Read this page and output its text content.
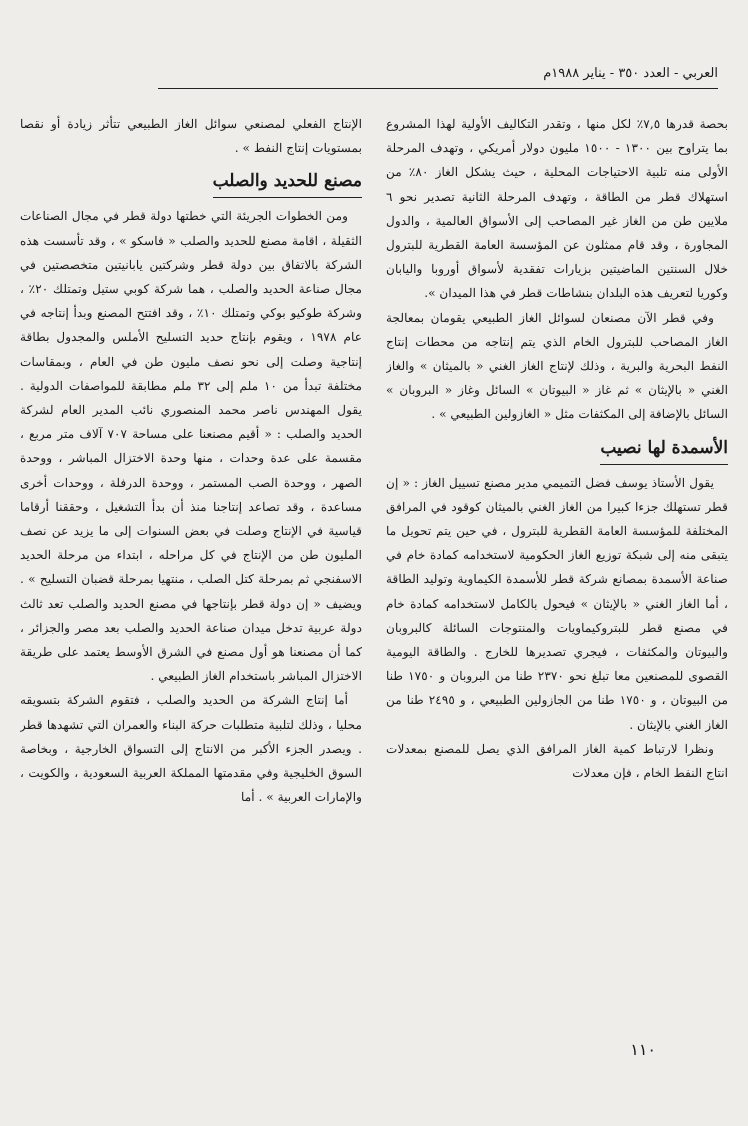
العربي - العدد ٣٥٠ - يناير ١٩٨٨م

بحصة قدرها ٧,٥٪ لكل منها ، وتقدر التكاليف الأولية لهذا المشروع بما يتراوح بين ١٣٠٠ - ١٥٠٠ مليون دولار أمريكي ، وتهدف المرحلة الأولى منه تلبية الاحتياجات المحلية ، حيث يشكل الغاز ٨٠٪ من استهلاك قطر من الطاقة ، وتهدف المرحلة الثانية تصدير نحو ٦ ملايين طن من الغاز غير المصاحب إلى الأسواق العالمية ، والدول المجاورة ، وقد قام ممثلون عن المؤسسة العامة القطرية للبترول خلال السنتين الماضيتين بزيارات تفقدية لأسواق أوروبا واليابان وكوريا لتعريف هذه البلدان بنشاطات قطر في هذا الميدان ».

وفي قطر الآن مصنعان لسوائل الغاز الطبيعي يقومان بمعالجة الغاز المصاحب للبترول الخام الذي يتم إنتاجه من محطات إنتاج النفط البحرية والبرية ، وذلك لإنتاج الغاز الغني « بالميثان » والغاز الغني « بالإيثان » ثم غاز « البيوتان » السائل وغاز « البروبان » السائل بالإضافة إلى المكثفات مثل « الغازولين الطبيعي » .

الأسمدة لها نصيب

يقول الأستاذ يوسف فضل التميمي مدير مصنع تسييل الغاز : « إن قطر تستهلك جزءا كبيرا من الغاز الغني بالميثان كوقود في المرافق المختلفة للمؤسسة العامة القطرية للبترول ، في حين يتم تحويل ما يتبقى منه إلى شبكة توزيع الغاز الحكومية لاستخدامه كمادة خام في صناعة الأسمدة بمصانع شركة قطر للأسمدة الكيماوية وتوليد الطاقة ، أما الغاز الغني « بالإيثان » فيحول بالكامل لاستخدامه كمادة خام في مصنع قطر للبتروكيماويات والمنتوجات السائلة كالبروبان والبيوتان والمكثفات ، فيجري تصديرها للخارج . والطاقة اليومية القصوى للمصنعين معا تبلغ نحو ٢٣٧٠ طنا من البروبان و ١٧٥٠ طنا من البيوتان ، و ١٧٥٠ طنا من الجازولين الطبيعي ، و ٢٤٩٥ طنا من الغاز الغني بالإيثان .

ونظرا لارتباط كمية الغاز المرافق الذي يصل للمصنع بمعدلات انتاج النفط الخام ، فإن معدلات

الإنتاج الفعلي لمصنعي سوائل الغاز الطبيعي تتأثر زيادة أو نقصا بمستويات إنتاج النفط » .

مصنع للحديد والصلب

ومن الخطوات الجريئة التي خطتها دولة قطر في مجال الصناعات الثقيلة ، اقامة مصنع للحديد والصلب « فاسكو » ، وقد تأسست هذه الشركة بالاتفاق بين دولة قطر وشركتين يابانيتين متخصصتين في مجال صناعة الحديد والصلب ، هما شركة كوبي ستيل وتمتلك ٢٠٪ ، وشركة طوكيو بوكي وتمتلك ١٠٪ ، وقد افتتح المصنع وبدأ إنتاجه في عام ١٩٧٨ ، ويقوم بإنتاج حديد التسليح الأملس والمجدول بطاقة إنتاجية وصلت إلى نحو نصف مليون طن في العام ، وبمقاسات مختلفة تبدأ من ١٠ ملم إلى ٣٢ ملم مطابقة للمواصفات الدولية . يقول المهندس ناصر محمد المنصوري نائب المدير العام لشركة الحديد والصلب : « أقيم مصنعنا على مساحة ٧٠٧ آلاف متر مربع ، مقسمة على عدة وحدات ، منها وحدة الاختزال المباشر ، ووحدة الصهر ، ووحدة الصب المستمر ، ووحدة الدرفلة ، ووحدات أخرى مساعدة ، وقد تصاعد إنتاجنا منذ أن بدأ التشغيل ، وحققنا أرقاما قياسية في الإنتاج وصلت في بعض السنوات إلى ما يزيد عن نصف المليون طن من الإنتاج في كل مراحله ، ابتداء من مرحلة الحديد الاسفنجي ثم بمرحلة كتل الصلب ، منتهيا بمرحلة قضبان التسليح » . ويضيف « إن دولة قطر بإنتاجها في مصنع الحديد والصلب تعد ثالث دولة عربية تدخل ميدان صناعة الحديد والصلب بعد مصر والجزائر ، كما أن مصنعنا هو أول مصنع في الشرق الأوسط يعتمد على طريقة الاختزال المباشر باستخدام الغاز الطبيعي .

أما إنتاج الشركة من الحديد والصلب ، فتقوم الشركة بتسويقه محليا ، وذلك لتلبية متطلبات حركة البناء والعمران التي تشهدها قطر . ويصدر الجزء الأكبر من الانتاج إلى التسواق الخارجية ، وبخاصة السوق الخليجية وفي مقدمتها المملكة العربية السعودية ، والكويت ، والإمارات العربية » . أما

١١٠
